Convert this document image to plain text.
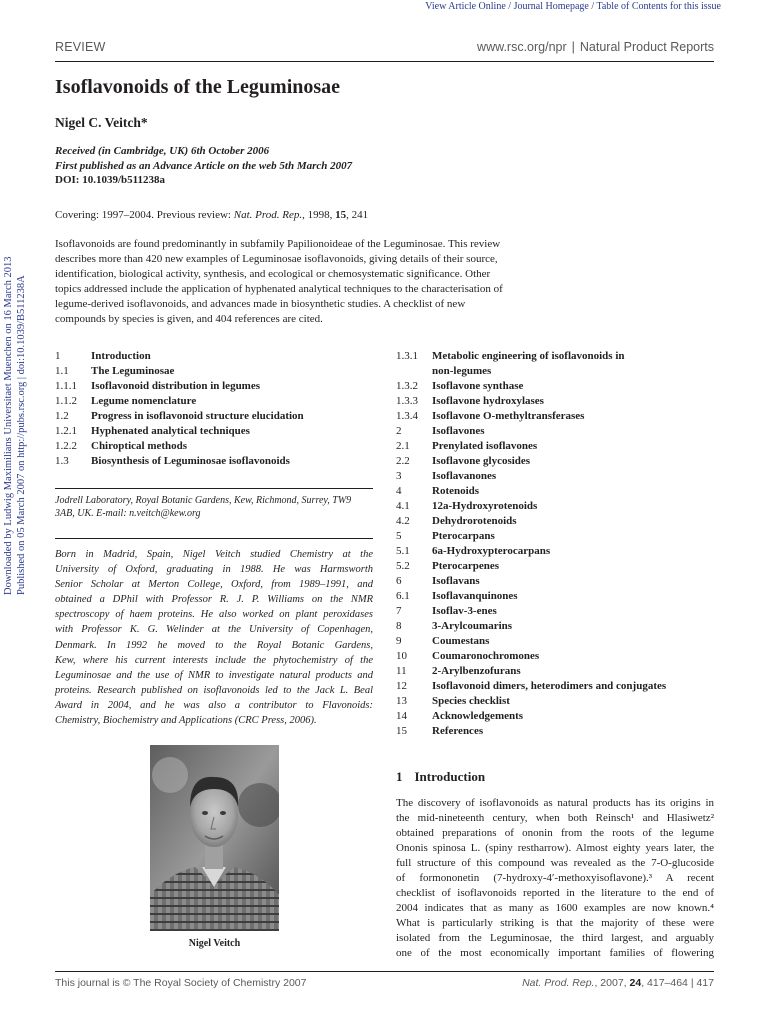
View Article Online / Journal Homepage / Table of Contents for this issue
REVIEW	www.rsc.org/npr | Natural Product Reports
Downloaded by Ludwig Maximilians Universitaet Muenchen on 16 March 2013 Published on 05 March 2007 on http://pubs.rsc.org | doi:10.1039/B511238A
Isoflavonoids of the Leguminosae
Nigel C. Veitch*
Received (in Cambridge, UK) 6th October 2006
First published as an Advance Article on the web 5th March 2007
DOI: 10.1039/b511238a
Covering: 1997–2004. Previous review: Nat. Prod. Rep., 1998, 15, 241
Isoflavonoids are found predominantly in subfamily Papilionoideae of the Leguminosae. This review
describes more than 420 new examples of Leguminosae isoflavonoids, giving details of their source,
identification, biological activity, synthesis, and ecological or chemosystematic significance. Other
topics addressed include the application of hyphenated analytical techniques to the characterisation of
legume-derived isoflavonoids, and advances made in biosynthetic studies. A checklist of new
compounds by species is given, and 404 references are cited.
1	Introduction
1.1	The Leguminosae
1.1.1	Isoflavonoid distribution in legumes
1.1.2	Legume nomenclature
1.2	Progress in isoflavonoid structure elucidation
1.2.1	Hyphenated analytical techniques
1.2.2	Chiroptical methods
1.3	Biosynthesis of Leguminosae isoflavonoids
1.3.1	Metabolic engineering of isoflavonoids in
non-legumes
1.3.2	Isoflavone synthase
1.3.3	Isoflavone hydroxylases
1.3.4	Isoflavone O-methyltransferases
2	Isoflavones
2.1	Prenylated isoflavones
2.2	Isoflavone glycosides
3	Isoflavanones
4	Rotenoids
4.1	12a-Hydroxyrotenoids
4.2	Dehydrorotenoids
5	Pterocarpans
5.1	6a-Hydroxypterocarpans
5.2	Pterocarpenes
6	Isoflavans
6.1	Isoflavanquinones
7	Isoflav-3-enes
8	3-Arylcoumarins
9	Coumestans
10	Coumaronochromones
11	2-Arylbenzofurans
12	Isoflavonoid dimers, heterodimers and conjugates
13	Species checklist
14	Acknowledgements
15	References
Jodrell Laboratory, Royal Botanic Gardens, Kew, Richmond, Surrey, TW9
3AB, UK. E-mail: n.veitch@kew.org
Born in Madrid, Spain, Nigel Veitch studied Chemistry at the
University of Oxford, graduating in 1988. He was Harmsworth
Senior Scholar at Merton College, Oxford, from 1989–1991, and
obtained a DPhil with Professor R. J. P. Williams on the NMR
spectroscopy of haem proteins. He also worked on plant peroxidases
with Professor K. G. Welinder at the University of Copenhagen,
Denmark. In 1992 he moved to the Royal Botanic Gardens,
Kew, where his current interests include the phytochemistry of the
Leguminosae and the use of NMR to investigate natural products and
proteins. Research published on isoflavonoids led to the Jack L. Beal
Award in 2004, and he was also a contributor to Flavonoids:
Chemistry, Biochemistry and Applications (CRC Press, 2006).
Nigel Veitch
1 Introduction
The discovery of isoflavonoids as natural products has its origins in
the mid-nineteenth century, when both Reinsch¹ and Hlasiwetz²
obtained preparations of ononin from the roots of the legume
Ononis spinosa L. (spiny restharrow). Almost eighty years later, the
full structure of this compound was revealed as the 7-O-glucoside
of formononetin (7-hydroxy-4′-methoxyisoflavone).³ A recent
checklist of isoflavonoids reported in the literature to the end of
2004 indicates that as many as 1600 examples are now known.⁴
What is particularly striking is that the majority of these were
isolated from the Leguminosae, the third largest, and arguably
one of the most economically important families of flowering
This journal is © The Royal Society of Chemistry 2007	Nat. Prod. Rep., 2007, 24, 417–464 | 417
